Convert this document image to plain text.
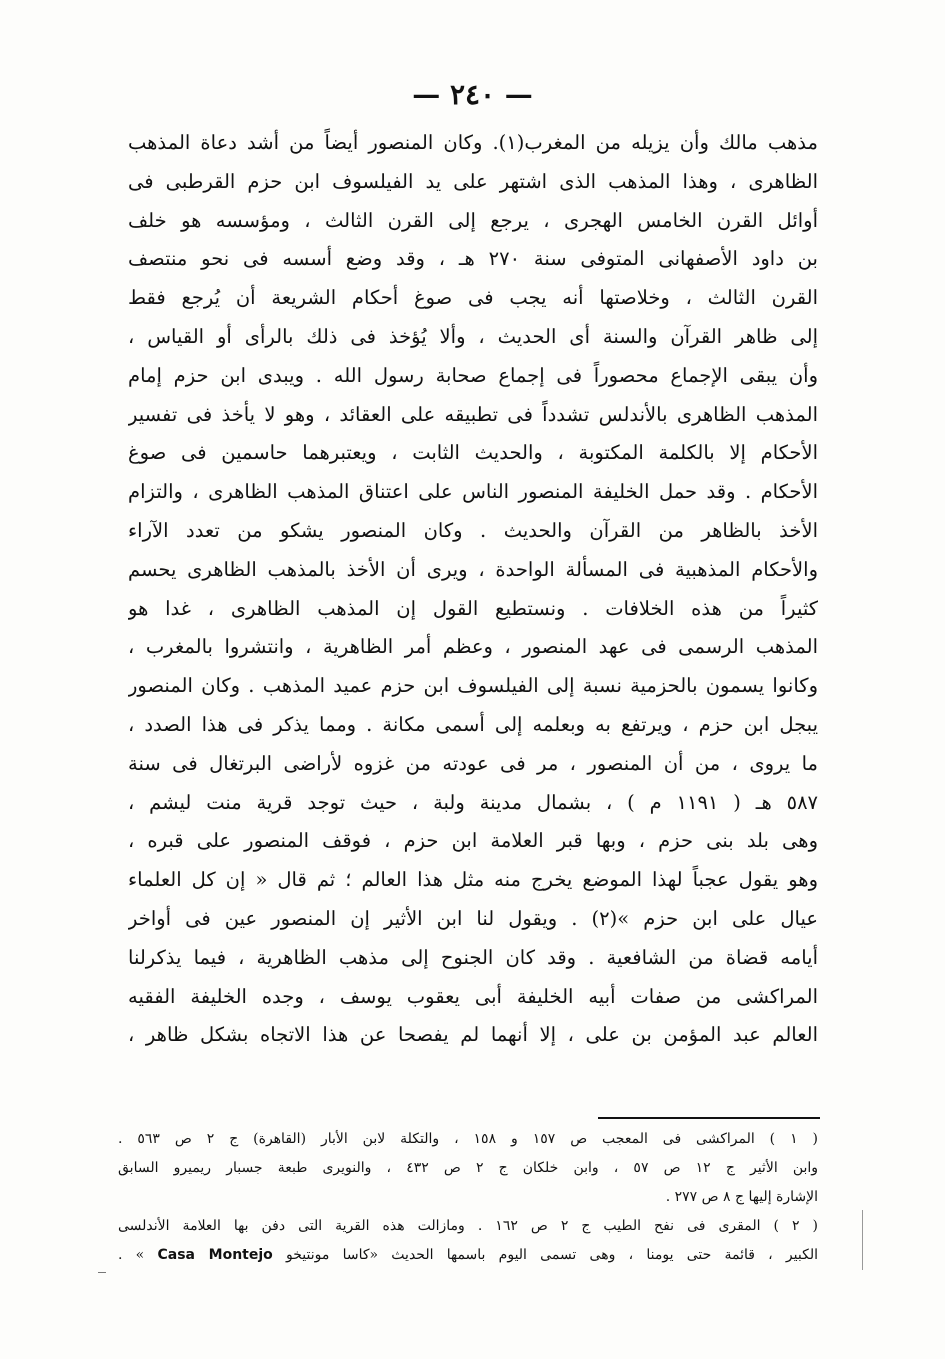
— ٢٤٠ —

مذهب مالك وأن يزيله من المغرب(١). وكان المنصور أيضاً من أشد دعاة المذهب

الظاهرى ، وهذا المذهب الذى اشتهر على يد الفيلسوف ابن حزم القرطبى فى

أوائل القرن الخامس الهجرى ، يرجع إلى القرن الثالث ، ومؤسسه هو خلف

بن داود الأصفهانى المتوفى سنة ٢٧٠ هـ ، وقد وضع أسسه فى نحو منتصف

القرن الثالث ، وخلاصتها أنه يجب فى صوغ أحكام الشريعة أن يُرجع فقط

إلى ظاهر القرآن والسنة أى الحديث ، وألا يُؤخذ فى ذلك بالرأى أو القياس ،

وأن يبقى الإجماع محصوراً فى إجماع صحابة رسول الله . ويبدى ابن حزم إمام

المذهب الظاهرى بالأندلس تشدداً فى تطبيقه على العقائد ، وهو لا يأخذ فى تفسير

الأحكام إلا بالكلمة المكتوبة ، والحديث الثابت ، ويعتبرهما حاسمين فى صوغ

الأحكام . وقد حمل الخليفة المنصور الناس على اعتناق المذهب الظاهرى ، والتزام

الأخذ بالظاهر من القرآن والحديث . وكان المنصور يشكو من تعدد الآراء

والأحكام المذهبية فى المسألة الواحدة ، ويرى أن الأخذ بالمذهب الظاهرى يحسم

كثيراً من هذه الخلافات . ونستطيع القول إن المذهب الظاهرى ، غدا هو

المذهب الرسمى فى عهد المنصور ، وعظم أمر الظاهرية ، وانتشروا بالمغرب ،

وكانوا يسمون بالحزمية نسبة إلى الفيلسوف ابن حزم عميد المذهب . وكان المنصور

يبجل ابن حزم ، ويرتفع به وبعلمه إلى أسمى مكانة . ومما يذكر فى هذا الصدد ،

ما يروى ، من أن المنصور ، مر فى عودته من غزوه لأراضى البرتغال فى سنة

٥٨٧ هـ ( ١١٩١ م ) ، بشمال مدينة ولبة ، حيث توجد قرية منت ليشم ،

وهى بلد بنى حزم ، وبها قبر العلامة ابن حزم ، فوقف المنصور على قبره ،

وهو يقول عجباً لهذا الموضع يخرج منه مثل هذا العالم ؛ ثم قال « إن كل العلماء

عيال على ابن حزم »(٢) . ويقول لنا ابن الأثير إن المنصور عين فى أواخر

أيامه قضاة من الشافعية . وقد كان الجنوح إلى مذهب الظاهرية ، فيما يذكرلنا

المراكشى من صفات أبيه الخليفة أبى يعقوب يوسف ، وجده الخليفة الفقيه

العالم عبد المؤمن بن على ، إلا أنهما لم يفصحا عن هذا الاتجاه بشكل ظاهر ،

( ١ ) المراكشى فى المعجب ص ١٥٧ و ١٥٨ ، والتكلة لابن الأبار (القاهرة) ج ٢ ص ٥٦٣ .

وابن الأثير ج ١٢ ص ٥٧ ، وابن خلكان ج ٢ ص ٤٣٢ ، والنويرى طبعة جسبار ريميرو السابق

الإشارة إليها ج ٨ ص ٢٧٧ .

( ٢ ) المقرى فى نفح الطيب ج ٢ ص ١٦٢ . ومازالت هذه القرية التى دفن بها العلامة الأندلسى

الكبير ، قائمة حتى يومنا ، وهى تسمى اليوم باسمها الحديث «كاسا مونتيخو Casa Montejo » .
